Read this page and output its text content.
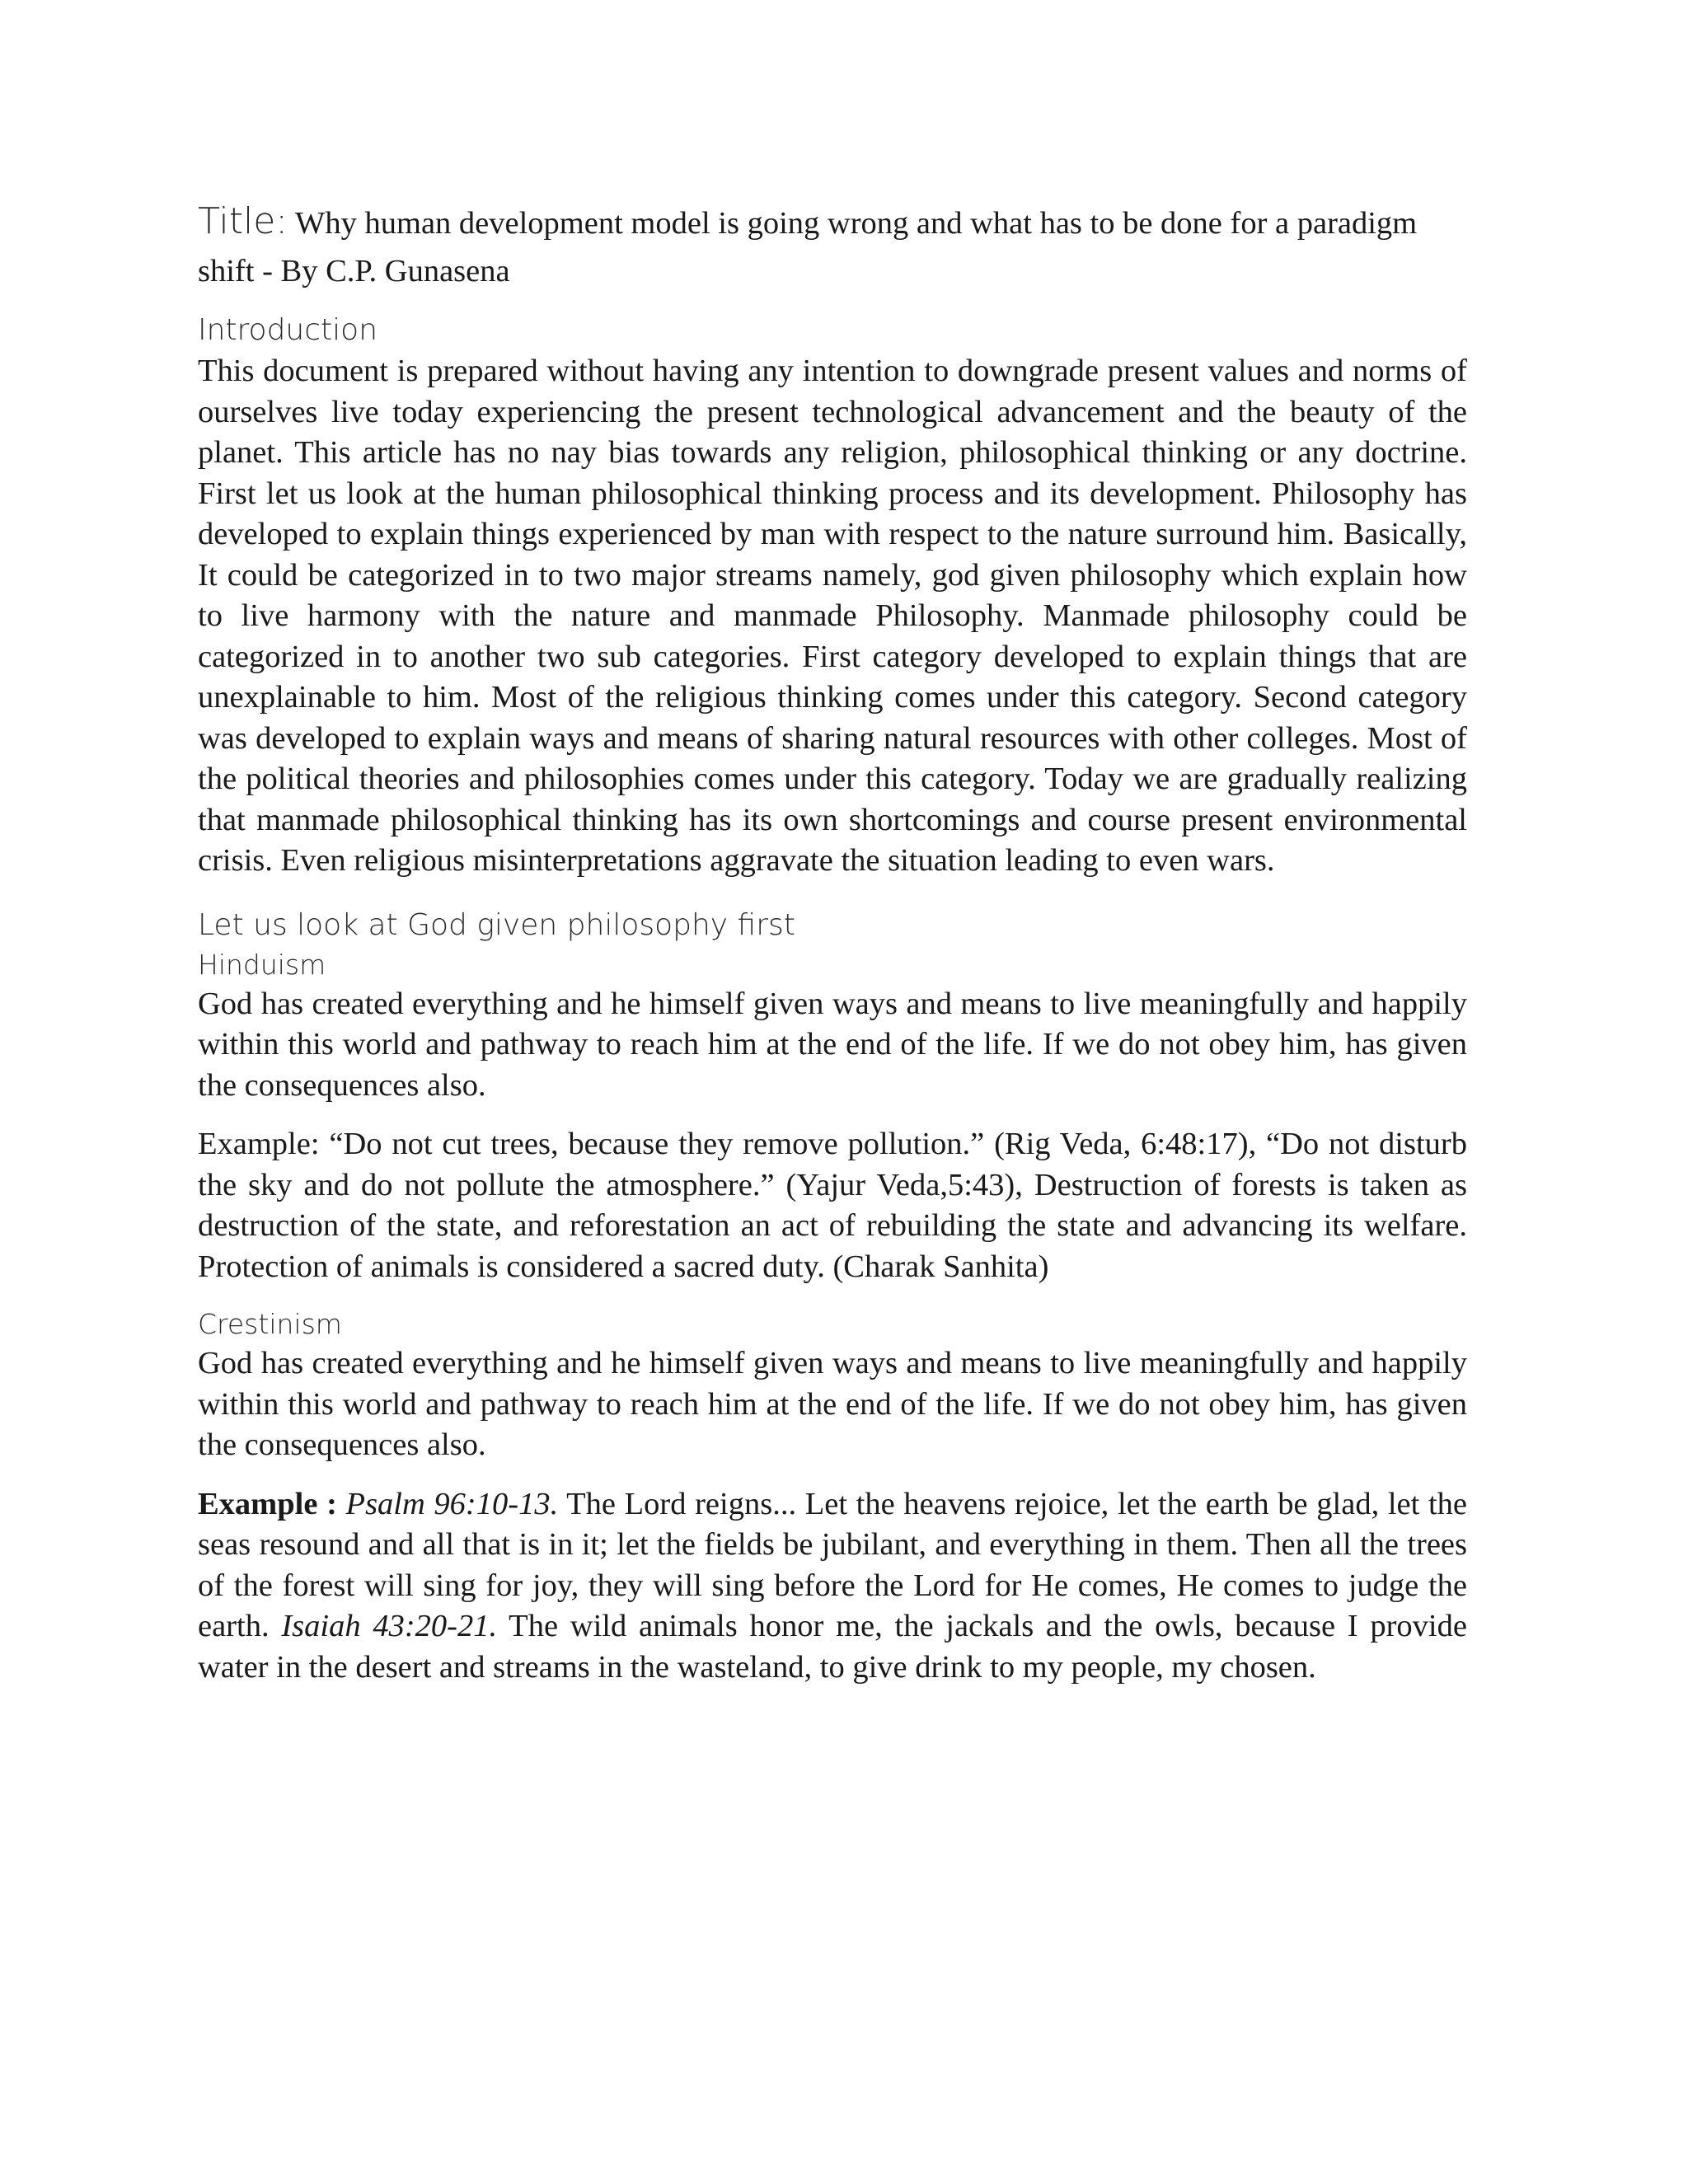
Title: Why human development model is going wrong and what has to be done for a paradigm shift - By C.P. Gunasena
Introduction

This document is prepared without having any intention to downgrade present values and norms of ourselves live today experiencing the present technological advancement and the beauty of the planet. This article has no nay bias towards any religion, philosophical thinking or any doctrine. First let us look at the human philosophical thinking process and its development. Philosophy has developed to explain things experienced by man with respect to the nature surround him. Basically, It could be categorized in to two major streams namely, god given philosophy which explain how to live harmony with the nature and manmade Philosophy. Manmade philosophy could be categorized in to another two sub categories. First category developed to explain things that are unexplainable to him. Most of the religious thinking comes under this category. Second category was developed to explain ways and means of sharing natural resources with other colleges. Most of the political theories and philosophies comes under this category. Today we are gradually realizing that manmade philosophical thinking has its own shortcomings and course present environmental crisis. Even religious misinterpretations aggravate the situation leading to even wars.

Let us look at God given philosophy first
Hinduism

God has created everything and he himself given ways and means to live meaningfully and happily within this world and pathway to reach him at the end of the life. If we do not obey him, has given the consequences also.

Example: “Do not cut trees, because they remove pollution.” (Rig Veda, 6:48:17), “Do not disturb the sky and do not pollute the atmosphere.” (Yajur Veda,5:43), Destruction of forests is taken as destruction of the state, and reforestation an act of rebuilding the state and advancing its welfare. Protection of animals is considered a sacred duty. (Charak Sanhita)

Crestinism

God has created everything and he himself given ways and means to live meaningfully and happily within this world and pathway to reach him at the end of the life. If we do not obey him, has given the consequences also.

Example : Psalm 96:10-13. The Lord reigns... Let the heavens rejoice, let the earth be glad, let the seas resound and all that is in it; let the fields be jubilant, and everything in them. Then all the trees of the forest will sing for joy, they will sing before the Lord for He comes, He comes to judge the earth. Isaiah 43:20-21. The wild animals honor me, the jackals and the owls, because I provide water in the desert and streams in the wasteland, to give drink to my people, my chosen.
